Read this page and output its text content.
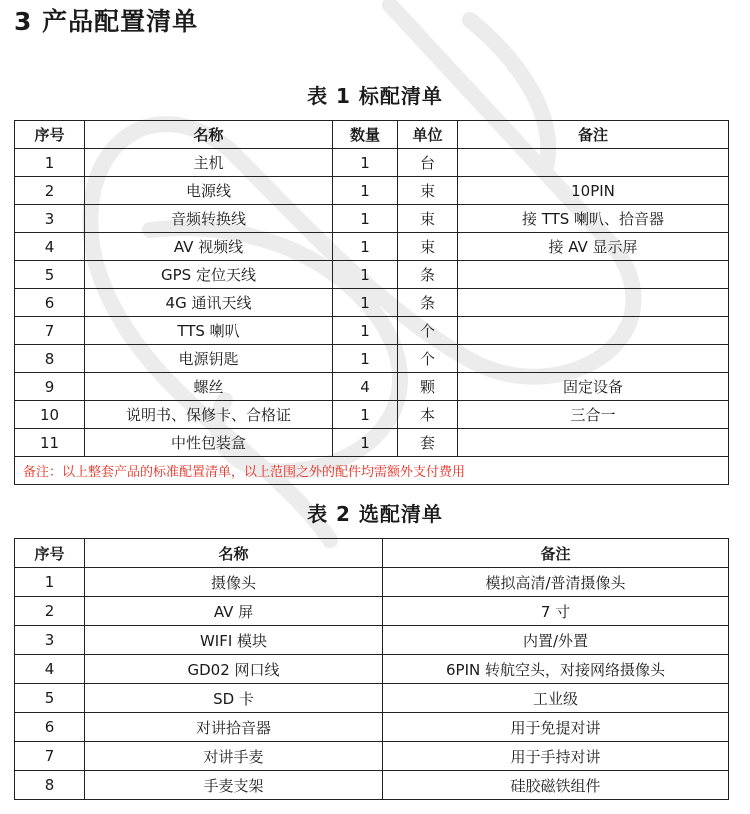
3 产品配置清单
表 1 标配清单
序号	名称	数量	单位	备注
1	主机	1	台	
2	电源线	1	束	10PIN
3	音频转换线	1	束	接 TTS 喇叭、拾音器
4	AV 视频线	1	束	接 AV 显示屏
5	GPS 定位天线	1	条	
6	4G 通讯天线	1	条	
7	TTS 喇叭	1	个	
8	电源钥匙	1	个	
9	螺丝	4	颗	固定设备
10	说明书、保修卡、合格证	1	本	三合一
11	中性包装盒	1	套	
备注：以上整套产品的标准配置清单，以上范围之外的配件均需额外支付费用				
表 2 选配清单
序号	名称	备注
1	摄像头	模拟高清/普清摄像头
2	AV 屏	7 寸
3	WIFI 模块	内置/外置
4	GD02 网口线	6PIN 转航空头，对接网络摄像头
5	SD 卡	工业级
6	对讲拾音器	用于免提对讲
7	对讲手麦	用于手持对讲
8	手麦支架	硅胶磁铁组件
